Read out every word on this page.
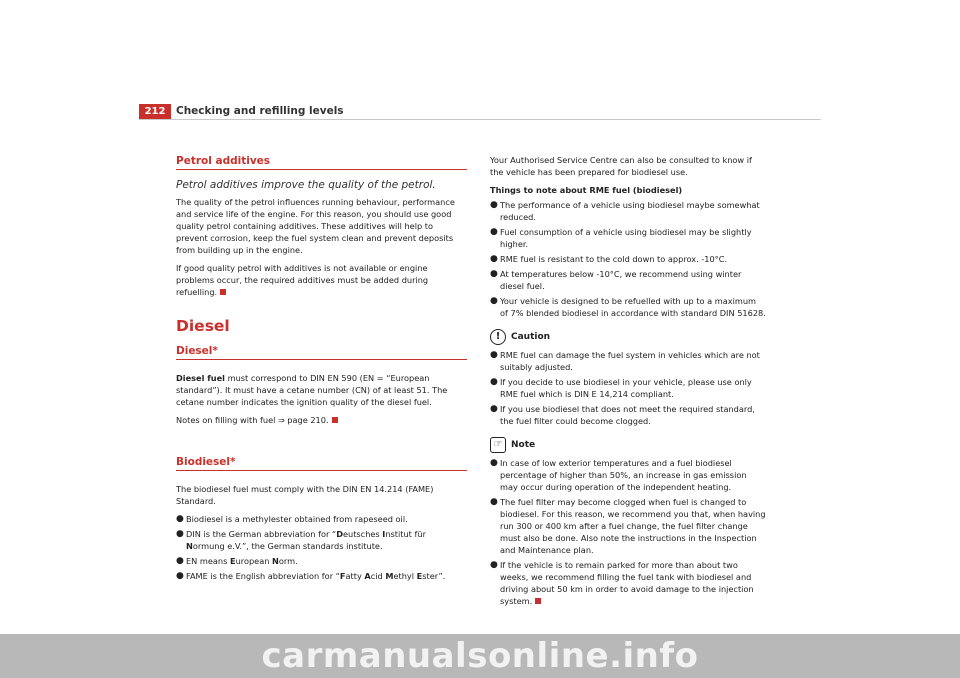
212	Checking and refilling levels
Petrol additives
Petrol additives improve the quality of the petrol.

The quality of the petrol influences running behaviour, performance and service life of the engine. For this reason, you should use good quality petrol containing additives. These additives will help to prevent corrosion, keep the fuel system clean and prevent deposits from building up in the engine.

If good quality petrol with additives is not available or engine problems occur, the required additives must be added during refuelling.

Diesel
Diesel*

Diesel fuel must correspond to DIN EN 590 (EN = “European standard”). It must have a cetane number (CN) of at least 51. The cetane number indicates the ignition quality of the diesel fuel.

Notes on filling with fuel ⇒ page 210.

Biodiesel*

The biodiesel fuel must comply with the DIN EN 14.214 (FAME) Standard.

● Biodiesel is a methylester obtained from rapeseed oil.
● DIN is the German abbreviation for “Deutsches Institut für Normung e.V.”, the German standards institute.
● EN means European Norm.
● FAME is the English abbreviation for “Fatty Acid Methyl Ester”.

Your Authorised Service Centre can also be consulted to know if the vehicle has been prepared for biodiesel use.

Things to note about RME fuel (biodiesel)

● The performance of a vehicle using biodiesel maybe somewhat reduced.
● Fuel consumption of a vehicle using biodiesel may be slightly higher.
● RME fuel is resistant to the cold down to approx. -10°C.
● At temperatures below -10°C, we recommend using winter diesel fuel.
● Your vehicle is designed to be refuelled with up to a maximum of 7% blended biodiesel in accordance with standard DIN 51628.
!	Caution
● RME fuel can damage the fuel system in vehicles which are not suitably adjusted.
● If you decide to use biodiesel in your vehicle, please use only RME fuel which is DIN E 14,214 compliant.
● If you use biodiesel that does not meet the required standard, the fuel filter could become clogged.
☞ Note
● In case of low exterior temperatures and a fuel biodiesel percentage of higher than 50%, an increase in gas emission may occur during operation of the independent heating.
● The fuel filter may become clogged when fuel is changed to biodiesel. For this reason, we recommend you that, when having run 300 or 400 km after a fuel change, the fuel filter change must also be done. Also note the instructions in the Inspection and Maintenance plan.
● If the vehicle is to remain parked for more than about two weeks, we recommend filling the fuel tank with biodiesel and driving about 50 km in order to avoid damage to the injection system.
carmanualsonline.info
